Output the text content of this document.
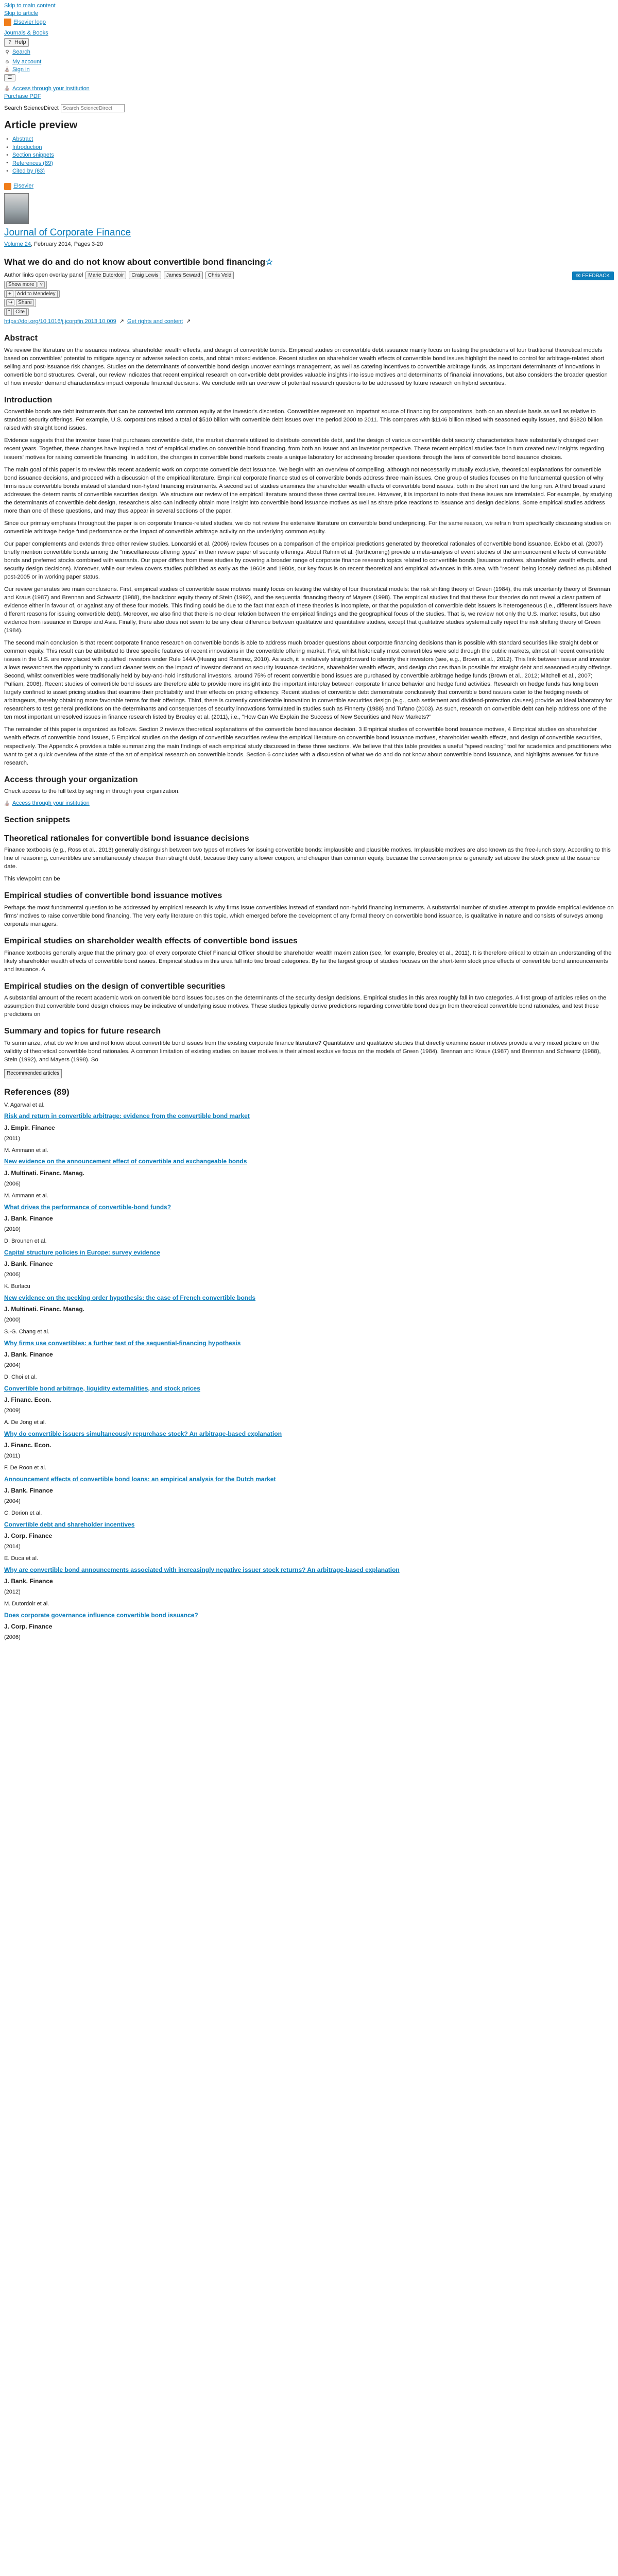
Skip to main content
Skip to article
Elsevier logo
Journals & Books
? Help
⚲ Search
☺ My account
⛪ Sign in
☰
⛪ Access through your institution
Purchase PDF
Search ScienceDirect
Search ScienceDirect
Article preview
• Abstract
• Introduction
• Section snippets
• References (89)
• Cited by (63)
Elsevier
Journal of Corporate Finance
Volume 24, February 2014, Pages 3-20
What we do and do not know about convertible bond financing☆
Author links open overlay panel	Marie Dutordoir	Craig Lewis	James Seward	Chris Veld	✉ FEEDBACK
Show more ˅
+ Add to Mendeley
↪ Share
“ Cite
https://doi.org/10.1016/j.jcorpfin.2013.10.009 ↗ Get rights and content ↗
Abstract

We review the literature on the issuance motives, shareholder wealth effects, and design of convertible bonds. Empirical studies on convertible debt issuance mainly focus on testing the predictions of four traditional theoretical models based on convertibles' potential to mitigate agency or adverse selection costs, and obtain mixed evidence. Recent studies on shareholder wealth effects of convertible bond issues highlight the need to control for arbitrage-related short selling and post-issuance risk changes. Studies on the determinants of convertible bond design uncover earnings management, as well as catering incentives to convertible arbitrage funds, as important determinants of innovations in convertible bond structures. Overall, our review indicates that recent empirical research on convertible debt provides valuable insights into issue motives and determinants of financial innovations, but also considers the broader question of how investor demand characteristics impact corporate financial decisions. We conclude with an overview of potential research questions to be addressed by future research on hybrid securities.

Introduction

Convertible bonds are debt instruments that can be converted into common equity at the investor's discretion. Convertibles represent an important source of financing for corporations, both on an absolute basis as well as relative to standard security offerings. For example, U.S. corporations raised a total of $510 billion with convertible debt issues over the period 2000 to 2011. This compares with $1146 billion raised with seasoned equity issues, and $6820 billion raised with straight bond issues.

Evidence suggests that the investor base that purchases convertible debt, the market channels utilized to distribute convertible debt, and the design of various convertible debt security characteristics have substantially changed over recent years. Together, these changes have inspired a host of empirical studies on convertible bond financing, from both an issuer and an investor perspective. These recent empirical studies face in turn created new insights regarding issuers' motives for raising convertible financing. In addition, the changes in convertible bond markets create a unique laboratory for addressing broader questions through the lens of convertible bond issuance choices.

The main goal of this paper is to review this recent academic work on corporate convertible debt issuance. We begin with an overview of compelling, although not necessarily mutually exclusive, theoretical explanations for convertible bond issuance decisions, and proceed with a discussion of the empirical literature. Empirical corporate finance studies of convertible bonds address three main issues. One group of studies focuses on the fundamental question of why firms issue convertible bonds instead of standard non-hybrid financing instruments. A second set of studies examines the shareholder wealth effects of convertible bond issues, both in the short run and the long run. A third broad strand addresses the determinants of convertible securities design. We structure our review of the empirical literature around these three central issues. However, it is important to note that these issues are interrelated. For example, by studying the determinants of convertible debt design, researchers also can indirectly obtain more insight into convertible bond issuance motives as well as share price reactions to issuance and design decisions. Some empirical studies address more than one of these questions, and may thus appear in several sections of the paper.

Since our primary emphasis throughout the paper is on corporate finance-related studies, we do not review the extensive literature on convertible bond underpricing. For the same reason, we refrain from specifically discussing studies on convertible arbitrage hedge fund performance or the impact of convertible arbitrage activity on the underlying common equity.

Our paper complements and extends three other review studies. Loncarski et al. (2006) review focuses on a comparison of the empirical predictions generated by theoretical rationales of convertible bond issuance. Eckbo et al. (2007) briefly mention convertible bonds among the "miscellaneous offering types" in their review paper of security offerings. Abdul Rahim et al. (forthcoming) provide a meta-analysis of event studies of the announcement effects of convertible bonds and preferred stocks combined with warrants. Our paper differs from these studies by covering a broader range of corporate finance research topics related to convertible bonds (issuance motives, shareholder wealth effects, and security design decisions). Moreover, while our review covers studies published as early as the 1960s and 1980s, our key focus is on recent theoretical and empirical advances in this area, with "recent" being loosely defined as published post-2005 or in working paper status.

Our review generates two main conclusions. First, empirical studies of convertible issue motives mainly focus on testing the validity of four theoretical models: the risk shifting theory of Green (1984), the risk uncertainty theory of Brennan and Kraus (1987) and Brennan and Schwartz (1988), the backdoor equity theory of Stein (1992), and the sequential financing theory of Mayers (1998). The empirical studies find that these four theories do not reveal a clear pattern of evidence either in favour of, or against any of these four models. This finding could be due to the fact that each of these theories is incomplete, or that the population of convertible debt issuers is heterogeneous (i.e., different issuers have different reasons for issuing convertible debt). Moreover, we also find that there is no clear relation between the empirical findings and the geographical focus of the studies. That is, we review not only the U.S. market results, but also evidence from issuance in Europe and Asia. Finally, there also does not seem to be any clear difference between qualitative and quantitative studies, except that qualitative studies systematically reject the risk shifting theory of Green (1984).

The second main conclusion is that recent corporate finance research on convertible bonds is able to address much broader questions about corporate financing decisions than is possible with standard securities like straight debt or common equity. This result can be attributed to three specific features of recent innovations in the convertible offering market. First, whilst historically most convertibles were sold through the public markets, almost all recent convertible issues in the U.S. are now placed with qualified investors under Rule 144A (Huang and Ramirez, 2010). As such, it is relatively straightforward to identify their investors (see, e.g., Brown et al., 2012). This link between issuer and investor allows researchers the opportunity to conduct cleaner tests on the impact of investor demand on security issuance decisions, shareholder wealth effects, and design choices than is possible for straight debt and seasoned equity offerings. Second, whilst convertibles were traditionally held by buy-and-hold institutional investors, around 75% of recent convertible bond issues are purchased by convertible arbitrage hedge funds (Brown et al., 2012; Mitchell et al., 2007; Pulliam, 2006). Recent studies of convertible bond issues are therefore able to provide more insight into the important interplay between corporate finance behavior and hedge fund activities. Research on hedge funds has long been largely confined to asset pricing studies that examine their profitability and their effects on pricing efficiency. Recent studies of convertible debt demonstrate conclusively that convertible bond issuers cater to the hedging needs of arbitrageurs, thereby obtaining more favorable terms for their offerings. Third, there is currently considerable innovation in convertible securities design (e.g., cash settlement and dividend-protection clauses) provide an ideal laboratory for researchers to test general predictions on the determinants and consequences of security innovations formulated in studies such as Finnerty (1988) and Tufano (2003). As such, research on convertible debt can help address one of the ten most important unresolved issues in finance research listed by Brealey et al. (2011), i.e., "How Can We Explain the Success of New Securities and New Markets?"

The remainder of this paper is organized as follows. Section 2 reviews theoretical explanations of the convertible bond issuance decision. 3 Empirical studies of convertible bond issuance motives, 4 Empirical studies on shareholder wealth effects of convertible bond issues, 5 Empirical studies on the design of convertible securities review the empirical literature on convertible bond issuance motives, shareholder wealth effects, and design of convertible securities, respectively. The Appendix A provides a table summarizing the main findings of each empirical study discussed in these three sections. We believe that this table provides a useful "speed reading" tool for academics and practitioners who want to get a quick overview of the state of the art of empirical research on convertible bonds. Section 6 concludes with a discussion of what we do and do not know about convertible bond issuance, and highlights avenues for future research.

Access through your organization

Check access to the full text by signing in through your organization.

⛪ Access through your institution
Section snippets
Theoretical rationales for convertible bond issuance decisions

Finance textbooks (e.g., Ross et al., 2013) generally distinguish between two types of motives for issuing convertible bonds: implausible and plausible motives. Implausible motives are also known as the free-lunch story. According to this line of reasoning, convertibles are simultaneously cheaper than straight debt, because they carry a lower coupon, and cheaper than common equity, because the conversion price is generally set above the stock price at the issuance date.

This viewpoint can be

Empirical studies of convertible bond issuance motives

Perhaps the most fundamental question to be addressed by empirical research is why firms issue convertibles instead of standard non-hybrid financing instruments. A substantial number of studies attempt to provide empirical evidence on firms' motives to raise convertible bond financing. The very early literature on this topic, which emerged before the development of any formal theory on convertible bond issuance, is qualitative in nature and consists of surveys among corporate managers.

Empirical studies on shareholder wealth effects of convertible bond issues

Finance textbooks generally argue that the primary goal of every corporate Chief Financial Officer should be shareholder wealth maximization (see, for example, Brealey et al., 2011). It is therefore critical to obtain an understanding of the likely shareholder wealth effects of convertible bond issues. Empirical studies in this area fall into two broad categories. By far the largest group of studies focuses on the short-term stock price effects of convertible bond announcements and issuance. A

Empirical studies on the design of convertible securities

A substantial amount of the recent academic work on convertible bond issues focuses on the determinants of the security design decisions. Empirical studies in this area roughly fall in two categories. A first group of articles relies on the assumption that convertible bond design choices may be indicative of underlying issue motives. These studies typically derive predictions regarding convertible bond design from theoretical convertible bond rationales, and test these predictions on

Summary and topics for future research

To summarize, what do we know and not know about convertible bond issues from the existing corporate finance literature? Quantitative and qualitative studies that directly examine issuer motives provide a very mixed picture on the validity of theoretical convertible bond rationales. A common limitation of existing studies on issuer motives is their almost exclusive focus on the models of Green (1984), Brennan and Kraus (1987) and Brennan and Schwartz (1988), Stein (1992), and Mayers (1998). So

Recommended articles
References (89)
V. Agarwal et al.
Risk and return in convertible arbitrage: evidence from the convertible bond market
J. Empir. Finance
(2011)
M. Ammann et al.
New evidence on the announcement effect of convertible and exchangeable bonds
J. Multinati. Financ. Manag.
(2006)
M. Ammann et al.
What drives the performance of convertible-bond funds?
J. Bank. Finance
(2010)
D. Brounen et al.
Capital structure policies in Europe: survey evidence
J. Bank. Finance
(2006)
K. Burlacu
New evidence on the pecking order hypothesis: the case of French convertible bonds
J. Multinati. Financ. Manag.
(2000)
S.-G. Chang et al.
Why firms use convertibles: a further test of the sequential-financing hypothesis
J. Bank. Finance
(2004)
D. Choi et al.
Convertible bond arbitrage, liquidity externalities, and stock prices
J. Financ. Econ.
(2009)
A. De Jong et al.
Why do convertible issuers simultaneously repurchase stock? An arbitrage-based explanation
J. Financ. Econ.
(2011)
F. De Roon et al.
Announcement effects of convertible bond loans: an empirical analysis for the Dutch market
J. Bank. Finance
(2004)
C. Dorion et al.
Convertible debt and shareholder incentives
J. Corp. Finance
(2014)
E. Duca et al.
Why are convertible bond announcements associated with increasingly negative issuer stock returns? An arbitrage-based explanation
J. Bank. Finance
(2012)
M. Dutordoir et al.
Does corporate governance influence convertible bond issuance?
J. Corp. Finance
(2006)
